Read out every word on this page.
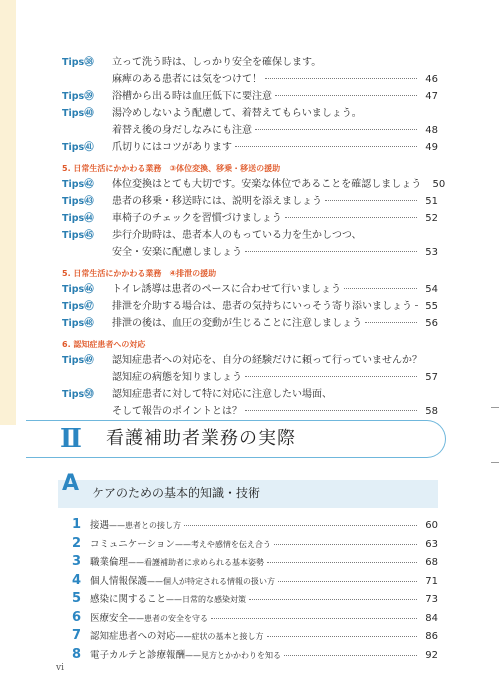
Tips㊳ 立って洗う時は、しっかり安全を確保します。
麻痺のある患者には気をつけて！	46
Tips㊴ 浴槽から出る時は血圧低下に要注意	47
Tips㊵ 湯冷めしないよう配慮して、着替えてもらいましょう。
着替え後の身だしなみにも注意	48
Tips㊶ 爪切りにはコツがあります	49
5. 日常生活にかかわる業務　③体位変換、移乗・移送の援助
Tips㊷ 体位変換はとても大切です。安楽な体位であることを確認しましょう	50
Tips㊸ 患者の移乗・移送時には、説明を添えましょう	51
Tips㊹ 車椅子のチェックを習慣づけましょう	52
Tips㊺ 歩行介助時は、患者本人のもっている力を生かしつつ、
安全・安楽に配慮しましょう	53
5. 日常生活にかかわる業務　④排泄の援助
Tips㊻ トイレ誘導は患者のペースに合わせて行いましょう	54
Tips㊼ 排泄を介助する場合は、患者の気持ちにいっそう寄り添いましょう	55
Tips㊽ 排泄の後は、血圧の変動が生じることに注意しましょう	56
6. 認知症患者への対応
Tips㊾ 認知症患者への対応を、自分の経験だけに頼って行っていませんか？
認知症の病態を知りましょう	57
Tips㊿ 認知症患者に対して特に対応に注意したい場面、
そして報告のポイントとは？	58
Ⅱ 看護補助者業務の実際
A ケアのための基本的知識・技術
1 接遇——患者との接し方	60
2 コミュニケーション——考えや感情を伝え合う	63
3 職業倫理——看護補助者に求められる基本姿勢	68
4 個人情報保護——個人が特定される情報の扱い方	71
5 感染に関すること——日常的な感染対策	73
6 医療安全——患者の安全を守る	84
7 認知症患者への対応——症状の基本と接し方	86
8 電子カルテと診療報酬——見方とかかわりを知る	92
vi
